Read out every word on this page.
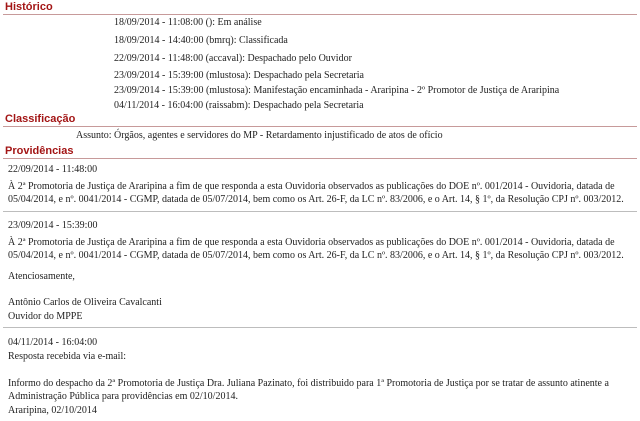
Histórico
18/09/2014 - 11:08:00 (): Em análise
18/09/2014 - 14:40:00 (bmrq): Classificada
22/09/2014 - 11:48:00 (accaval): Despachado pelo Ouvidor
23/09/2014 - 15:39:00 (mlustosa): Despachado pela Secretaria
23/09/2014 - 15:39:00 (mlustosa): Manifestação encaminhada - Araripina - 2º Promotor de Justiça de Araripina
04/11/2014 - 16:04:00 (raissabm): Despachado pela Secretaria
Classificação
Assunto: Órgãos, agentes e servidores do MP - Retardamento injustificado de atos de ofício
Providências
22/09/2014 - 11:48:00
À 2ª Promotoria de Justiça de Araripina a fim de que responda a esta Ouvidoria observados as publicações do DOE nº. 001/2014 - Ouvidoria, datada de 05/04/2014, e nº. 0041/2014 - CGMP, datada de 05/07/2014, bem como os Art. 26-F, da LC nº. 83/2006, e o Art. 14, § 1º, da Resolução CPJ nº. 003/2012.
23/09/2014 - 15:39:00
À 2ª Promotoria de Justiça de Araripina a fim de que responda a esta Ouvidoria observados as publicações do DOE nº. 001/2014 - Ouvidoria, datada de 05/04/2014, e nº. 0041/2014 - CGMP, datada de 05/07/2014, bem como os Art. 26-F, da LC nº. 83/2006, e o Art. 14, § 1º, da Resolução CPJ nº. 003/2012.
Atenciosamente,
Antônio Carlos de Oliveira Cavalcanti
Ouvidor do MPPE
04/11/2014 - 16:04:00
Resposta recebida via e-mail:
Informo do despacho da 2ª Promotoria de Justiça Dra. Juliana Pazinato, foi distribuido para 1ª Promotoria de Justiça por se tratar de assunto atinente a Administração Pública para providências em 02/10/2014.
Araripina, 02/10/2014
